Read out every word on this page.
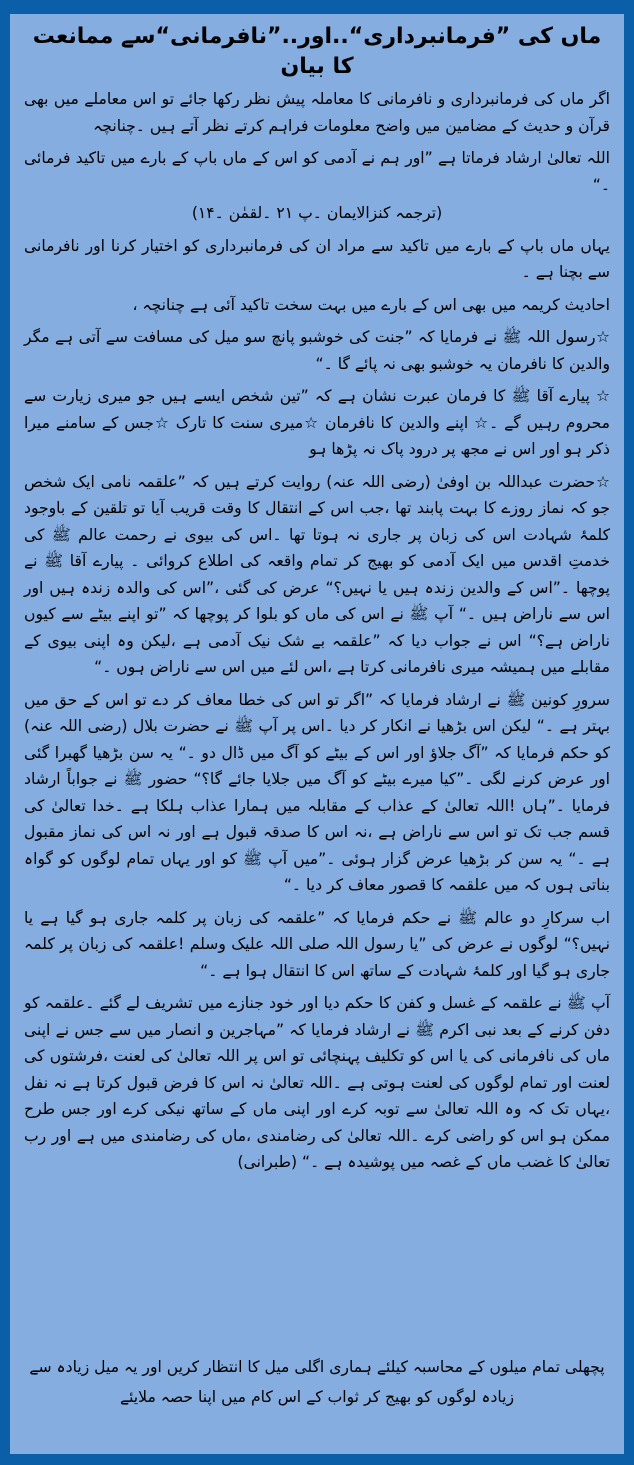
ماں کی ”فرمانبرداری“..اور..”نافرمانی“سے ممانعت کا بیان

اگر ماں کی فرمانبرداری و نافرمانی کا معاملہ پیش نظر رکھا جائے تو اس معاملے میں بھی قرآن و حدیث کے مضامین میں واضح معلومات فراہم کرتے نظر آتے ہیں ۔چنانچہ

اللہ تعالیٰ ارشاد فرماتا ہے ”اور ہم نے آدمی کو اس کے ماں باپ کے بارے میں تاکید فرمائی ۔“

(ترجمہ کنزالایمان ۔پ ۲۱ ۔لقمٰن ۔۱۴)

یہاں ماں باپ کے بارے میں تاکید سے مراد ان کی فرمانبرداری کو اختیار کرنا اور نافرمانی سے بچنا ہے ۔

احادیث کریمہ میں بھی اس کے بارے میں بہت سخت تاکید آئی ہے چنانچہ ،

☆رسول اللہ ﷺ نے فرمایا کہ ”جنت کی خوشبو پانچ سو میل کی مسافت سے آتی ہے مگر والدین کا نافرمان یہ خوشبو بھی نہ پائے گا ۔“

☆ پیارے آقا ﷺ کا فرمان عبرت نشان ہے کہ ”تین شخص ایسے ہیں جو میری زیارت سے محروم رہیں گے ۔☆ اپنے والدین کا نافرمان ☆میری سنت کا تارک ☆جس کے سامنے میرا ذکر ہو اور اس نے مجھ پر درود پاک نہ پڑھا ہو

☆حضرت عبداللہ بن اوفیٰ (رضی اللہ عنہ) روایت کرتے ہیں کہ ”علقمہ نامی ایک شخص جو کہ نماز روزے کا بہت پابند تھا ،جب اس کے انتقال کا وقت قریب آیا تو تلقین کے باوجود کلمۂ شہادت اس کی زبان پر جاری نہ ہوتا تھا ۔اس کی بیوی نے رحمت عالم ﷺ کی خدمتِ اقدس میں ایک آدمی کو بھیج کر تمام واقعہ کی اطلاع کروائی ۔ پیارے آقا ﷺ نے پوچھا ۔”اس کے والدین زندہ ہیں یا نہیں؟“ عرض کی گئی ،”اس کی والدہ زندہ ہیں اور اس سے ناراض ہیں ۔“ آپ ﷺ نے اس کی ماں کو بلوا کر پوچھا کہ ”تو اپنے بیٹے سے کیوں ناراض ہے؟“ اس نے جواب دیا کہ ”علقمہ بے شک نیک آدمی ہے ،لیکن وہ اپنی بیوی کے مقابلے میں ہمیشہ میری نافرمانی کرتا ہے ،اس لئے میں اس سے ناراض ہوں ۔“

سرورِ کونین ﷺ نے ارشاد فرمایا کہ ”اگر تو اس کی خطا معاف کر دے تو اس کے حق میں بہتر ہے ۔“ لیکن اس بڑھیا نے انکار کر دیا ۔اس پر آپ ﷺ نے حضرت بلال (رضی اللہ عنہ) کو حکم فرمایا کہ ”آگ جلاؤ اور اس کے بیٹے کو آگ میں ڈال دو ۔“ یہ سن بڑھیا گھبرا گئی اور عرض کرنے لگی ۔”کیا میرے بیٹے کو آگ میں جلایا جائے گا؟“ حضور ﷺ نے جواباً ارشاد فرمایا ۔”ہاں !اللہ تعالیٰ کے عذاب کے مقابلہ میں ہمارا عذاب ہلکا ہے ۔خدا تعالیٰ کی قسم جب تک تو اس سے ناراض ہے ،نہ اس کا صدقہ قبول ہے اور نہ اس کی نماز مقبول ہے ۔“ یہ سن کر بڑھیا عرض گزار ہوئی ۔”میں آپ ﷺ کو اور یہاں تمام لوگوں کو گواہ بناتی ہوں کہ میں علقمہ کا قصور معاف کر دیا ۔“

اب سرکارِ دو عالم ﷺ نے حکم فرمایا کہ ”علقمہ کی زبان پر کلمہ جاری ہو گیا ہے یا نہیں؟“ لوگوں نے عرض کی ”یا رسول اللہ صلی اللہ علیک وسلم !علقمہ کی زبان پر کلمہ جاری ہو گیا اور کلمۂ شہادت کے ساتھ اس کا انتقال ہوا ہے ۔“

آپ ﷺ نے علقمہ کے غسل و کفن کا حکم دیا اور خود جنازے میں تشریف لے گئے ۔علقمہ کو دفن کرنے کے بعد نبی اکرم ﷺ نے ارشاد فرمایا کہ ”مہاجرین و انصار میں سے جس نے اپنی ماں کی نافرمانی کی یا اس کو تکلیف پہنچائی تو اس پر اللہ تعالیٰ کی لعنت ،فرشتوں کی لعنت اور تمام لوگوں کی لعنت ہوتی ہے ۔اللہ تعالیٰ نہ اس کا فرض قبول کرتا ہے نہ نفل ،یہاں تک کہ وہ اللہ تعالیٰ سے توبہ کرے اور اپنی ماں کے ساتھ نیکی کرے اور جس طرح ممکن ہو اس کو راضی کرے ۔اللہ تعالیٰ کی رضامندی ،ماں کی رضامندی میں ہے اور رب تعالیٰ کا غضب ماں کے غصہ میں پوشیدہ ہے ۔“ (طبرانی)

پچھلی تمام میلوں کے محاسبہ کیلئے ہماری اگلی میل کا انتظار کریں اور یہ میل زیادہ سے زیادہ لوگوں کو بھیج کر ثواب کے اس کام میں اپنا حصہ ملایئے
